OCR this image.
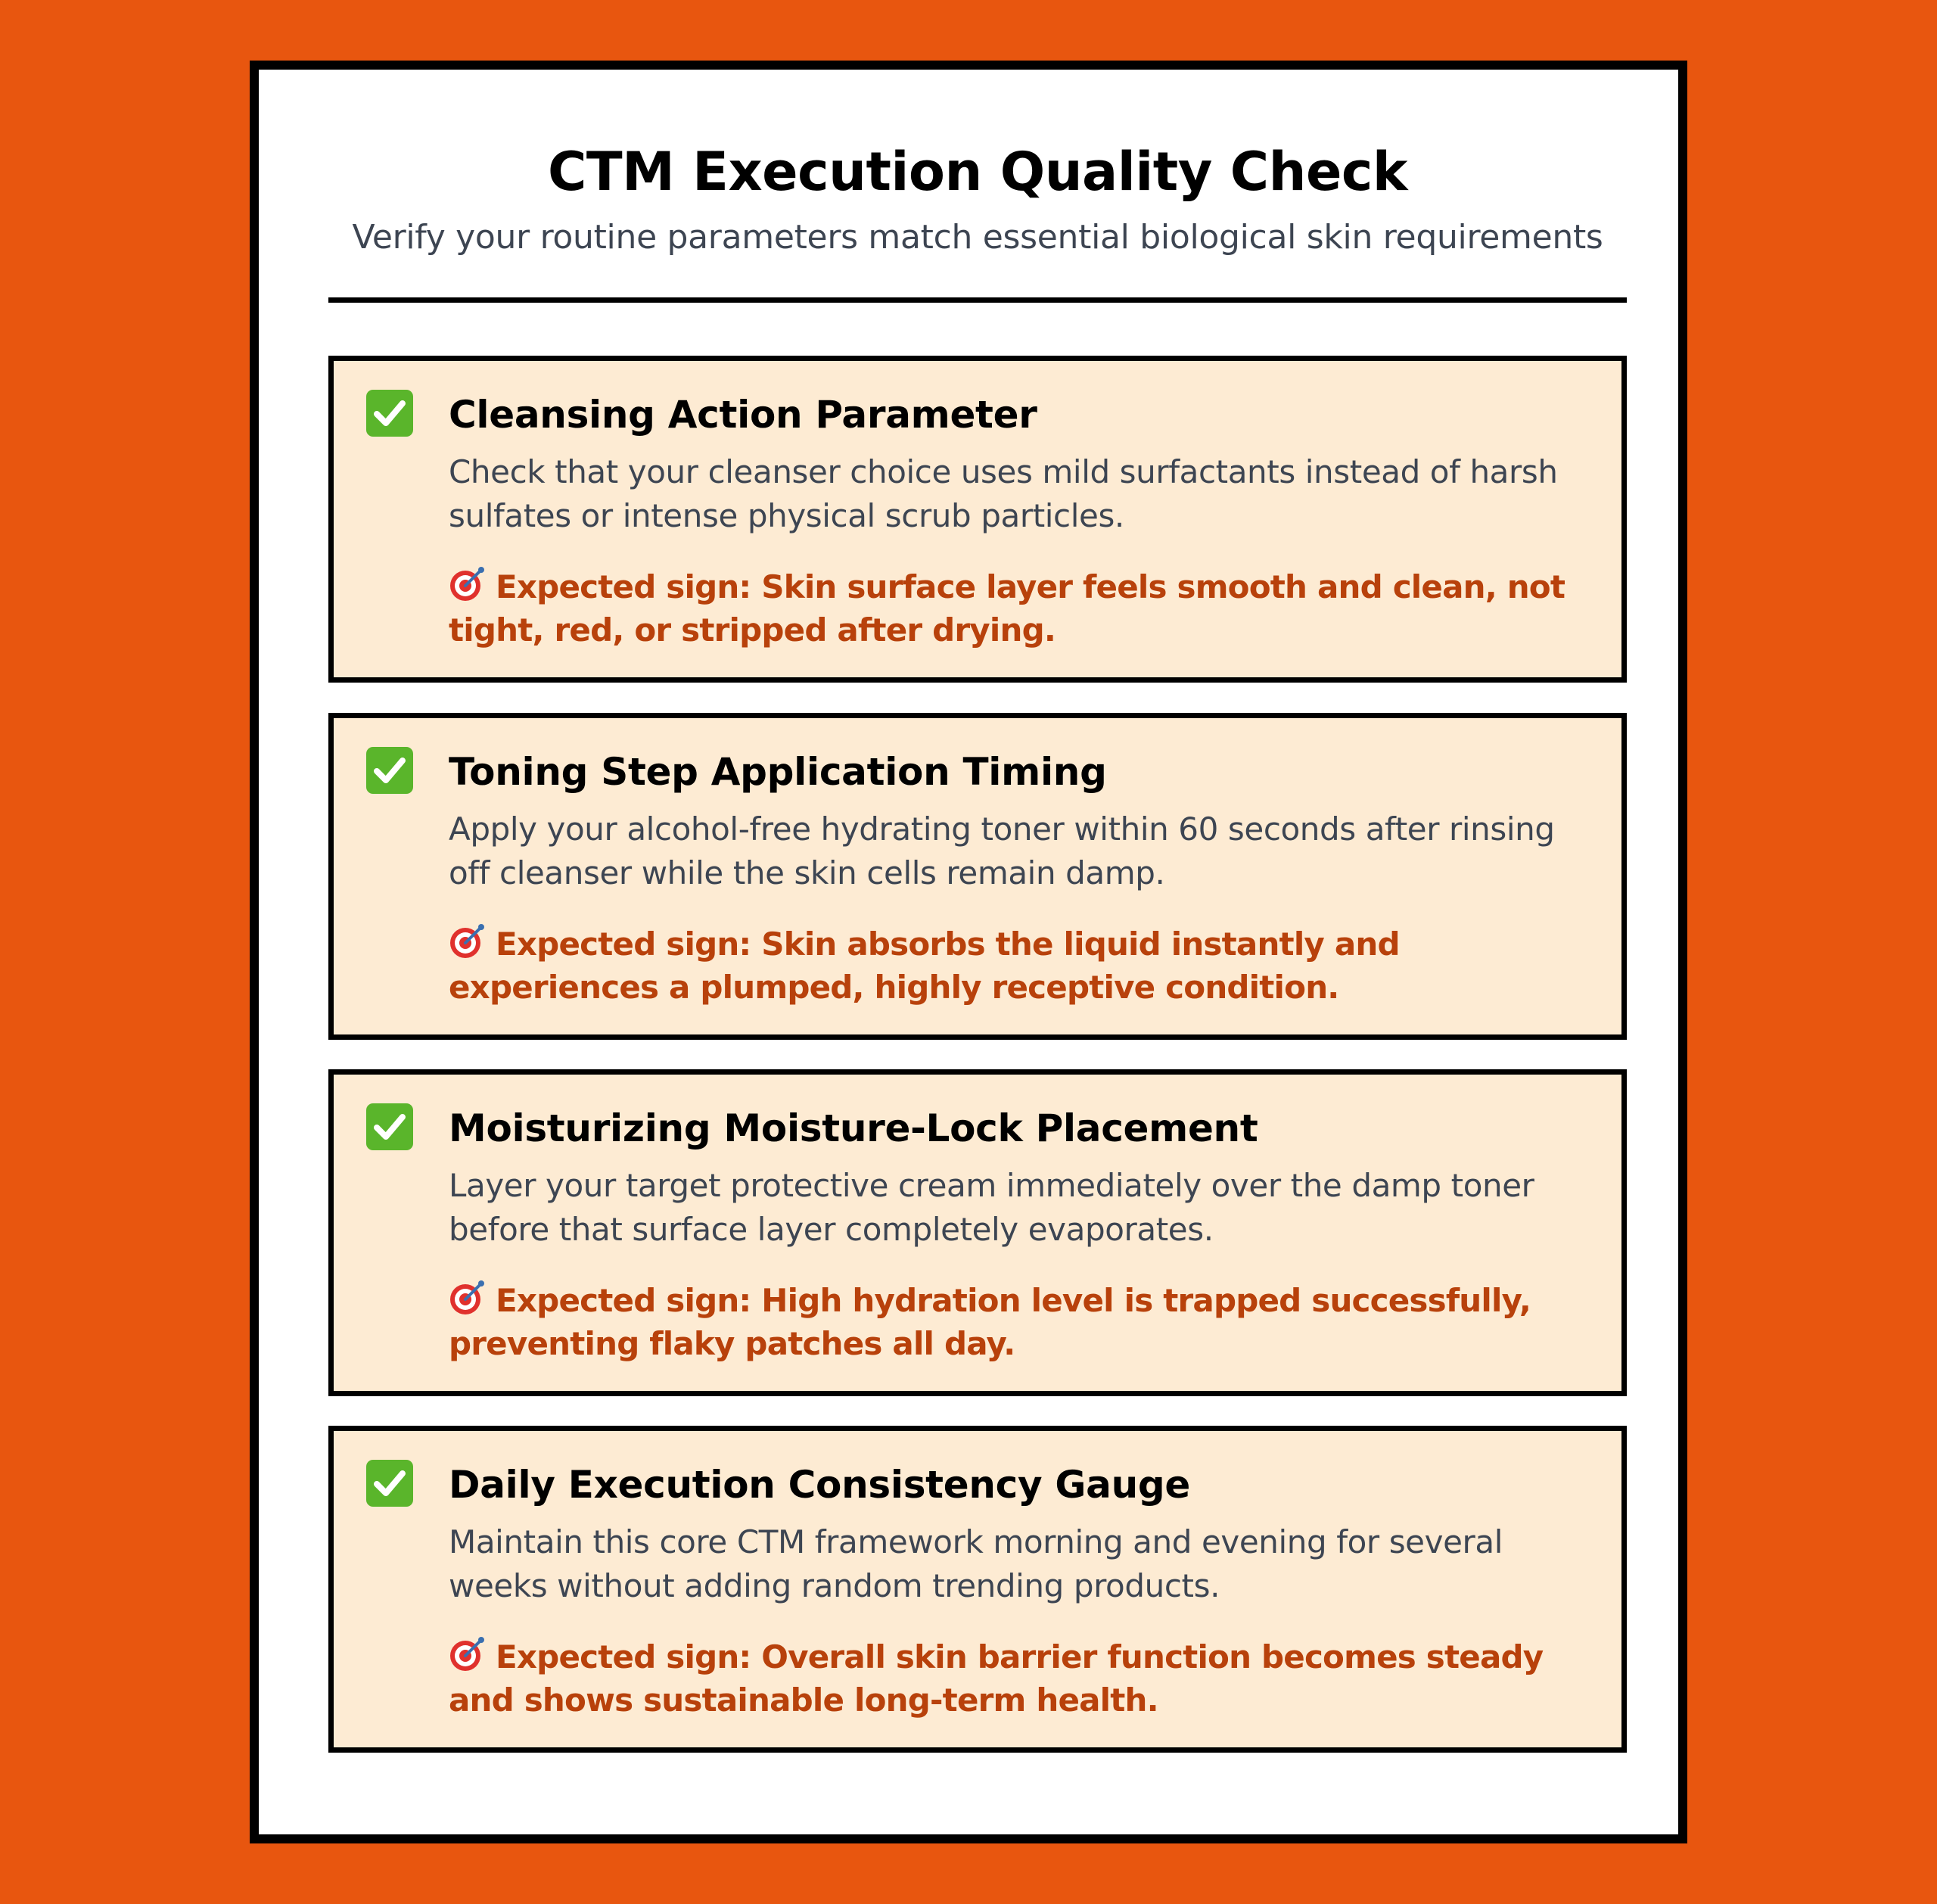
CTM Execution Quality Check
Verify your routine parameters match essential biological skin requirements
Cleansing Action Parameter
Check that your cleanser choice uses mild surfactants instead of harsh sulfates or intense physical scrub particles.
Expected sign: Skin surface layer feels smooth and clean, not tight, red, or stripped after drying.
Toning Step Application Timing
Apply your alcohol-free hydrating toner within 60 seconds after rinsing off cleanser while the skin cells remain damp.
Expected sign: Skin absorbs the liquid instantly and experiences a plumped, highly receptive condition.
Moisturizing Moisture-Lock Placement
Layer your target protective cream immediately over the damp toner before that surface layer completely evaporates.
Expected sign: High hydration level is trapped successfully, preventing flaky patches all day.
Daily Execution Consistency Gauge
Maintain this core CTM framework morning and evening for several weeks without adding random trending products.
Expected sign: Overall skin barrier function becomes steady and shows sustainable long-term health.
